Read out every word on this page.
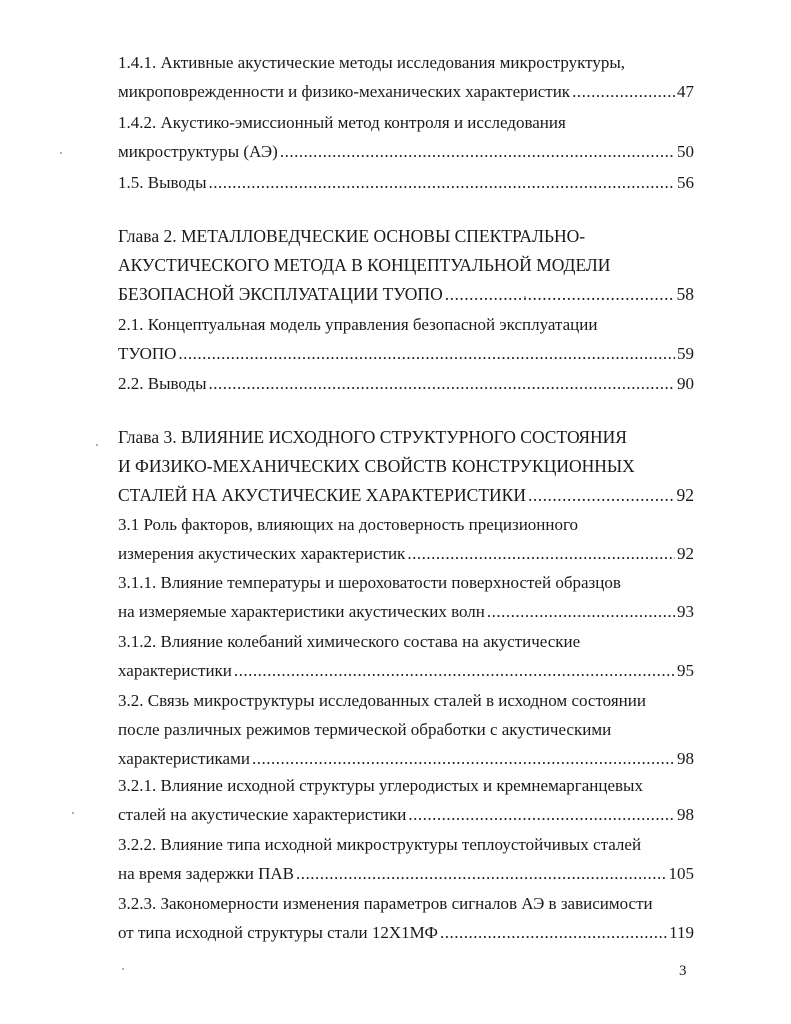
1.4.1. Активные акустические методы исследования микроструктуры,
микроповрежденности и физико-механических характеристик .....	47
1.4.2. Акустико-эмиссионный метод контроля и исследования
микроструктуры (АЭ) .....	50
1.5. Выводы .....	56
Глава 2. МЕТАЛЛОВЕДЧЕСКИЕ ОСНОВЫ СПЕКТРАЛЬНО-
АКУСТИЧЕСКОГО МЕТОДА В КОНЦЕПТУАЛЬНОЙ МОДЕЛИ
БЕЗОПАСНОЙ ЭКСПЛУАТАЦИИ ТУОПО .....	58
2.1. Концептуальная модель управления безопасной эксплуатации
ТУОПО .....	59
2.2. Выводы .....	90
Глава 3. ВЛИЯНИЕ ИСХОДНОГО СТРУКТУРНОГО СОСТОЯНИЯ
И ФИЗИКО-МЕХАНИЧЕСКИХ СВОЙСТВ КОНСТРУКЦИОННЫХ
СТАЛЕЙ НА АКУСТИЧЕСКИЕ ХАРАКТЕРИСТИКИ .....	92
3.1 Роль факторов, влияющих на достоверность прецизионного
измерения акустических характеристик .....	92
3.1.1. Влияние температуры и шероховатости поверхностей образцов
на измеряемые характеристики акустических волн .....	93
3.1.2. Влияние колебаний химического состава на акустические
характеристики .....	95
3.2. Связь микроструктуры исследованных сталей в исходном состоянии
после различных режимов термической обработки с акустическими
характеристиками .....	98
3.2.1. Влияние исходной структуры углеродистых и кремнемарганцевых
сталей на акустические характеристики .....	98
3.2.2. Влияние типа исходной микроструктуры теплоустойчивых сталей
на время задержки ПАВ .....	105
3.2.3. Закономерности изменения параметров сигналов АЭ в зависимости
от типа исходной структуры стали 12Х1МФ .....	119
3
